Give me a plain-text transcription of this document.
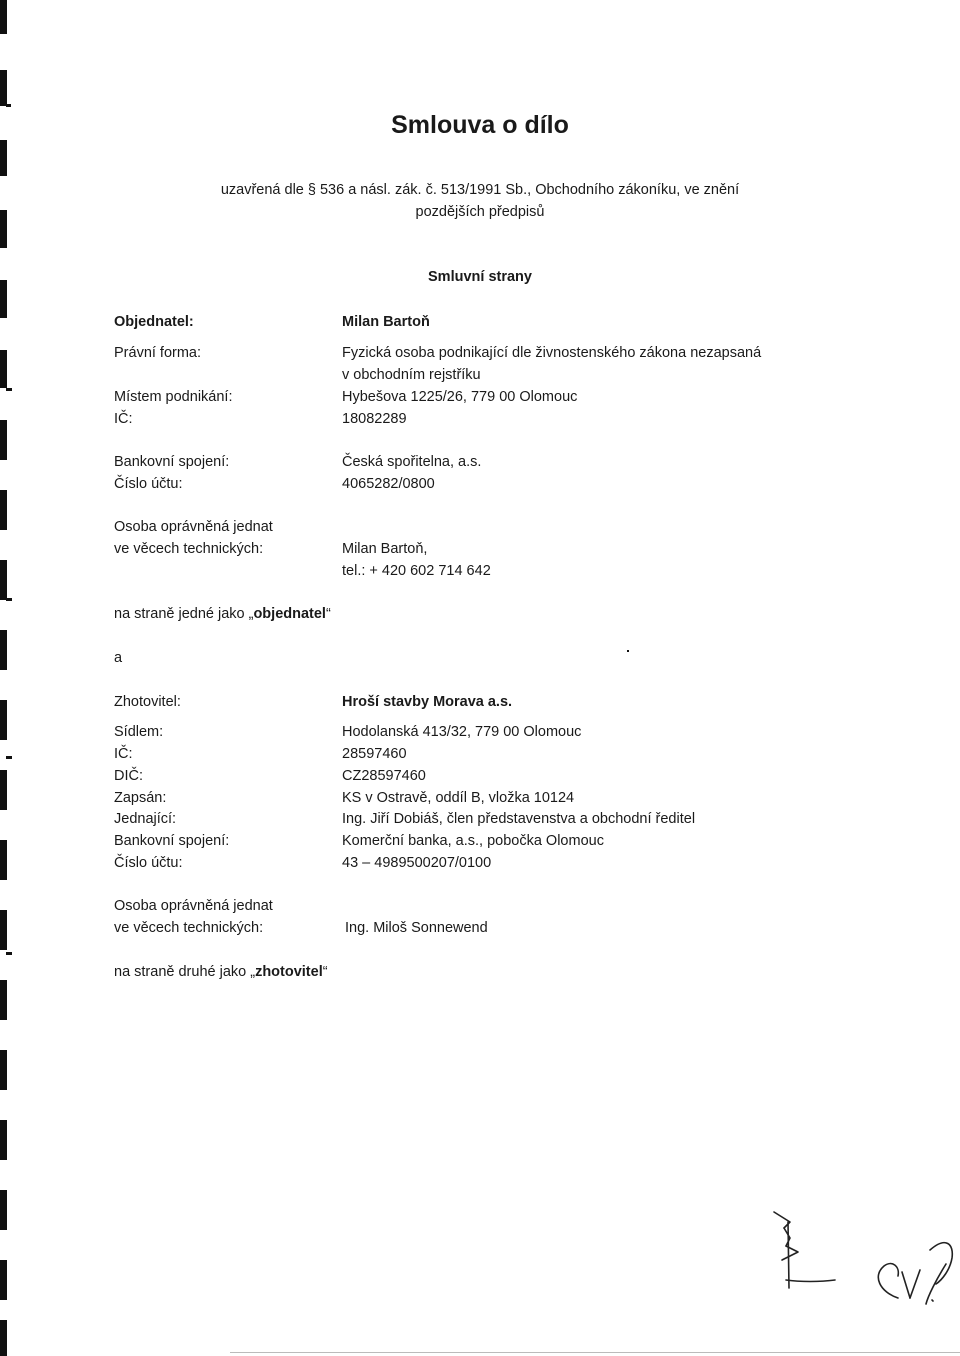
Smlouva o dílo
uzavřená dle § 536 a násl. zák. č. 513/1991 Sb., Obchodního zákoníku, ve znění
pozdějších předpisů
Smluvní strany
Objednatel:	Milan Bartoň
Právní forma:	Fyzická osoba podnikající dle živnostenského zákona nezapsaná
v obchodním rejstříku
Místem podnikání:	Hybešova 1225/26, 779 00 Olomouc
IČ:	18082289
Bankovní spojení:	Česká spořitelna, a.s.
Číslo účtu:	4065282/0800
Osoba oprávněná jednat
ve věcech technických:	Milan Bartoň,
tel.: + 420 602 714 642
na straně jedné jako „objednatel“
a
Zhotovitel:	Hroší stavby Morava a.s.
Sídlem:	Hodolanská 413/32, 779 00 Olomouc
IČ:	28597460
DIČ:	CZ28597460
Zapsán:	KS v Ostravě, oddíl B, vložka 10124
Jednající:	Ing. Jiří Dobiáš, člen představenstva a obchodní ředitel
Bankovní spojení:	Komerční banka, a.s., pobočka Olomouc
Číslo účtu:	43 – 4989500207/0100
Osoba oprávněná jednat
ve věcech technických:	Ing. Miloš Sonnewend
na straně druhé jako „zhotovitel“
